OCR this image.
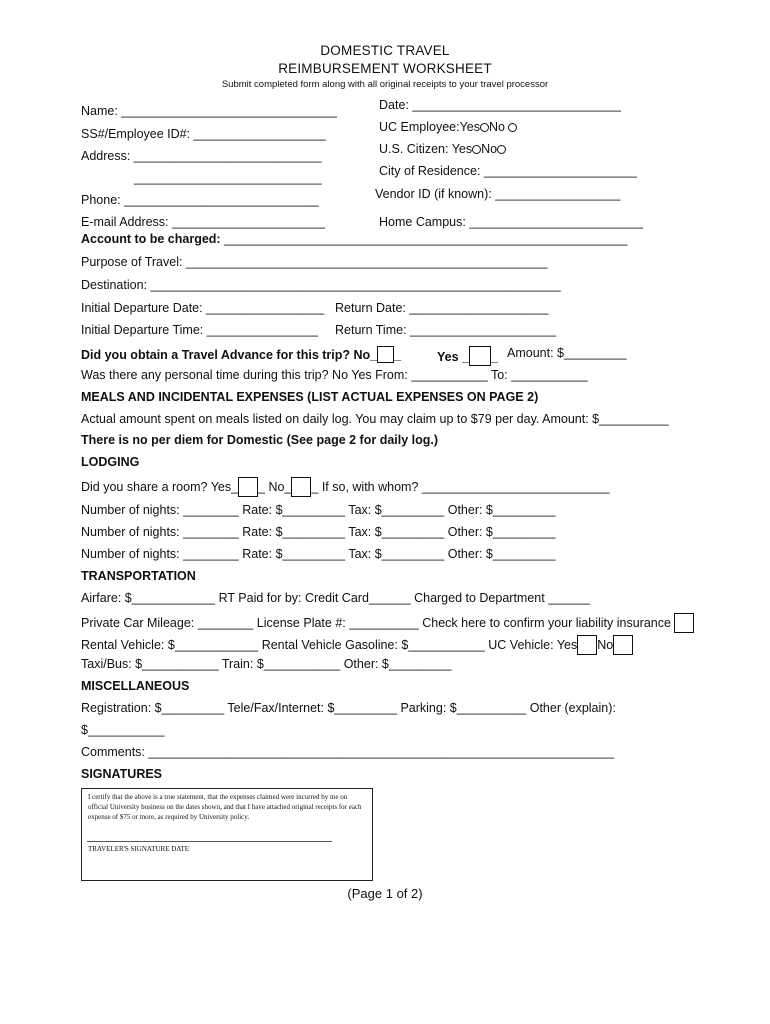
DOMESTIC TRAVEL
REIMBURSEMENT WORKSHEET
Submit completed form along with all original receipts to your travel processor
Name: _______________________________
SS#/Employee ID#: ___________________
Address: ___________________________
___________________________
Phone: ____________________________
E-mail Address: ______________________
Date: ______________________________
UC Employee:Yes No
U.S. Citizen: Yes No
City of Residence: ______________________
Vendor ID (if known): __________________
Home Campus: _________________________
Account to be charged: __________________________________________________________
Purpose of Travel: ____________________________________________________
Destination: ___________________________________________________________
Initial Departure Date: _________________ Return Date: ____________________
Initial Departure Time: ________________ Return Time: _____________________
Did you obtain a Travel Advance for this trip? No_ _	Yes _ _ Amount: $_________
Was there any personal time during this trip? No Yes From: ___________ To: ___________
MEALS AND INCIDENTAL EXPENSES (LIST ACTUAL EXPENSES ON PAGE 2)
Actual amount spent on meals listed on daily log. You may claim up to $79 per day. Amount: $__________
There is no per diem for Domestic (See page 2 for daily log.)
LODGING
Did you share a room? Yes_ _ No_ _ If so, with whom? ___________________________
Number of nights: ________ Rate: $_________ Tax: $_________ Other: $_________
Number of nights: ________ Rate: $_________ Tax: $_________ Other: $_________
Number of nights: ________ Rate: $_________ Tax: $_________ Other: $_________
TRANSPORTATION
Airfare: $____________ RT Paid for by: Credit Card______ Charged to Department ______
Private Car Mileage: ________ License Plate #: __________ Check here to confirm your liability insurance
Rental Vehicle: $____________ Rental Vehicle Gasoline: $___________ UC Vehicle: Yes No
Taxi/Bus: $___________ Train: $___________ Other: $_________
MISCELLANEOUS
Registration: $_________ Tele/Fax/Internet: $_________ Parking: $__________ Other (explain):
$___________
Comments: ___________________________________________________________________
SIGNATURES
I certify that the above is a true statement, that the expenses claimed were incurred by me on official University business on the dates shown, and that I have attached original receipts for each expense of $75 or more, as required by University policy.
TRAVELER'S SIGNATURE DATE
(Page 1 of 2)
